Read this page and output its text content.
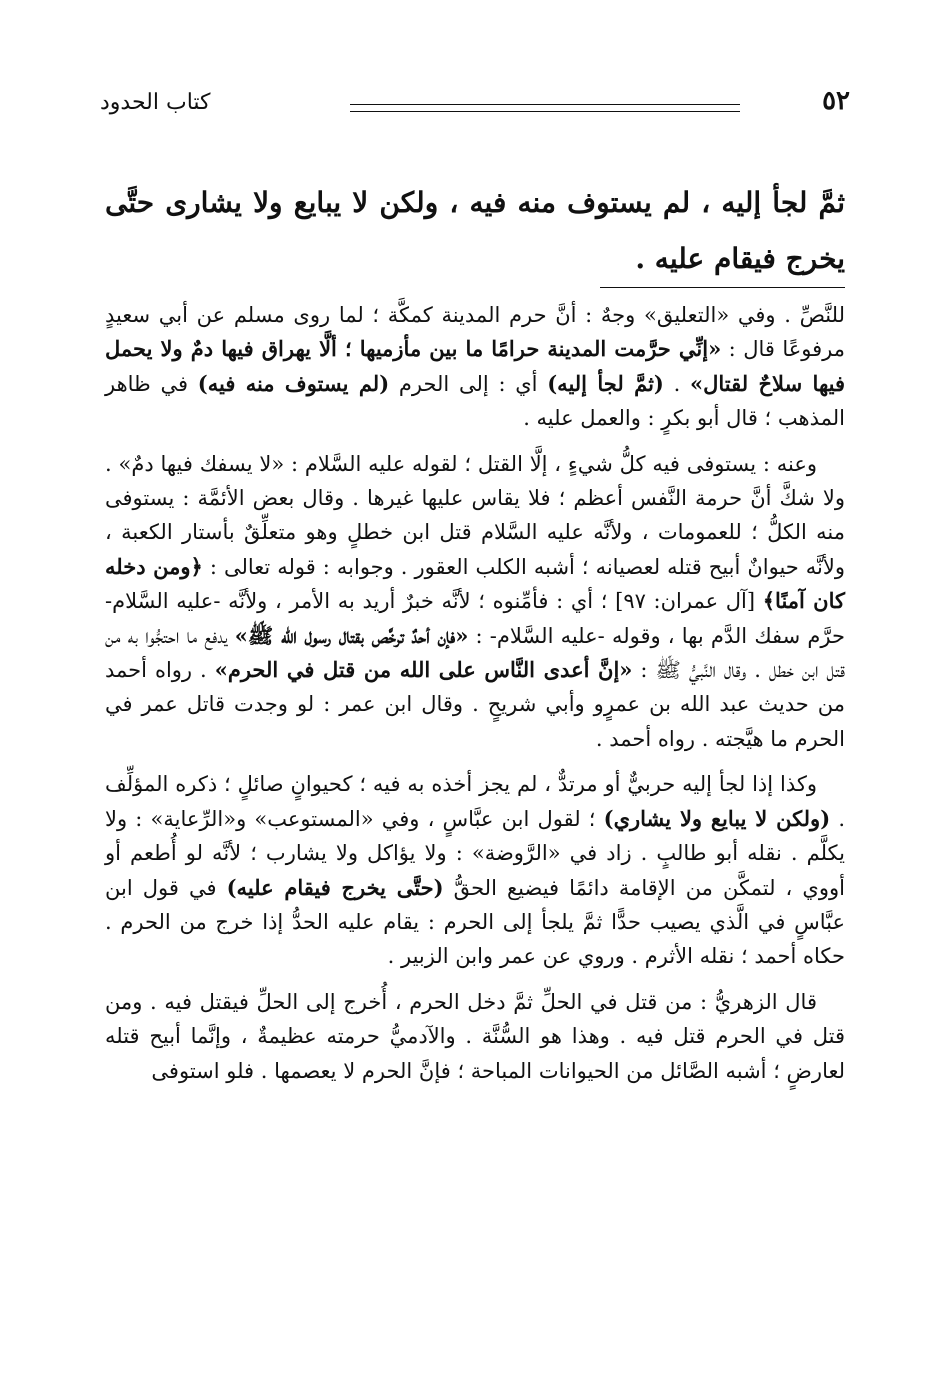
٥٢
كتاب الحدود
ثمَّ لجأ إليه ، لم يستوف منه فيه ، ولكن لا يبايع ولا يشارى حتَّى يخرج فيقام عليه .

للنَّصِّ . وفي «التعليق» وجهٌ : أنَّ حرم المدينة كمكَّة ؛ لما روى مسلم عن أبي سعيدٍ مرفوعًا قال : «إنِّي حرَّمت المدينة حرامًا ما بين مأزميها ؛ ألَّا يهراق فيها دمٌ ولا يحمل فيها سلاحٌ لقتال» . (ثمَّ لجأ إليه) أي : إلى الحرم (لم يستوف منه فيه) في ظاهر المذهب ؛ قال أبو بكرٍ : والعمل عليه .

وعنه : يستوفى فيه كلُّ شيءٍ ، إلَّا القتل ؛ لقوله عليه السَّلام : «لا يسفك فيها دمٌ» . ولا شكَّ أنَّ حرمة النَّفس أعظم ؛ فلا يقاس عليها غيرها . وقال بعض الأئمَّة : يستوفى منه الكلُّ ؛ للعمومات ، ولأنَّه عليه السَّلام قتل ابن خطلٍ وهو متعلِّقٌ بأستار الكعبة ، ولأنَّه حيوانٌ أبيح قتله لعصيانه ؛ أشبه الكلب العقور . وجوابه : قوله تعالى : ﴿ومن دخله كان آمنًا﴾ [آل عمران: ٩٧] ؛ أي : فأمِّنوه ؛ لأنَّه خبرٌ أريد به الأمر ، ولأنَّه -عليه السَّلام- حرَّم سفك الدَّم بها ، وقوله -عليه السَّلام- : «فإن أحدٌ ترخَّص بقتال رسول الله ﷺ» يدفع ما احتجُّوا به من قتل ابن خطل . وقال النَّبيُّ ﷺ : «إنَّ أعدى النَّاس على الله من قتل في الحرم» . رواه أحمد من حديث عبد الله بن عمرٍو وأبي شريحٍ . وقال ابن عمر : لو وجدت قاتل عمر في الحرم ما هيَّجته . رواه أحمد .

وكذا إذا لجأ إليه حربيٌّ أو مرتدٌّ ، لم يجز أخذه به فيه ؛ كحيوانٍ صائلٍ ؛ ذكره المؤلِّف . (ولكن لا يبايع ولا يشاري) ؛ لقول ابن عبَّاسٍ ، وفي «المستوعب» و«الرِّعاية» : ولا يكلَّم . نقله أبو طالبٍ . زاد في «الرَّوضة» : ولا يؤاكل ولا يشارب ؛ لأنَّه لو أُطعم أو أووي ، لتمكَّن من الإقامة دائمًا فيضيع الحقُّ (حتَّى يخرج فيقام عليه) في قول ابن عبَّاسٍ في الَّذي يصيب حدًّا ثمَّ يلجأ إلى الحرم : يقام عليه الحدُّ إذا خرج من الحرم . حكاه أحمد ؛ نقله الأثرم . وروي عن عمر وابن الزبير .

قال الزهريُّ : من قتل في الحلِّ ثمَّ دخل الحرم ، أُخرج إلى الحلِّ فيقتل فيه . ومن قتل في الحرم قتل فيه . وهذا هو السُّنَّة . والآدميُّ حرمته عظيمةٌ ، وإنَّما أبيح قتله لعارضٍ ؛ أشبه الصَّائل من الحيوانات المباحة ؛ فإنَّ الحرم لا يعصمها . فلو استوفى
